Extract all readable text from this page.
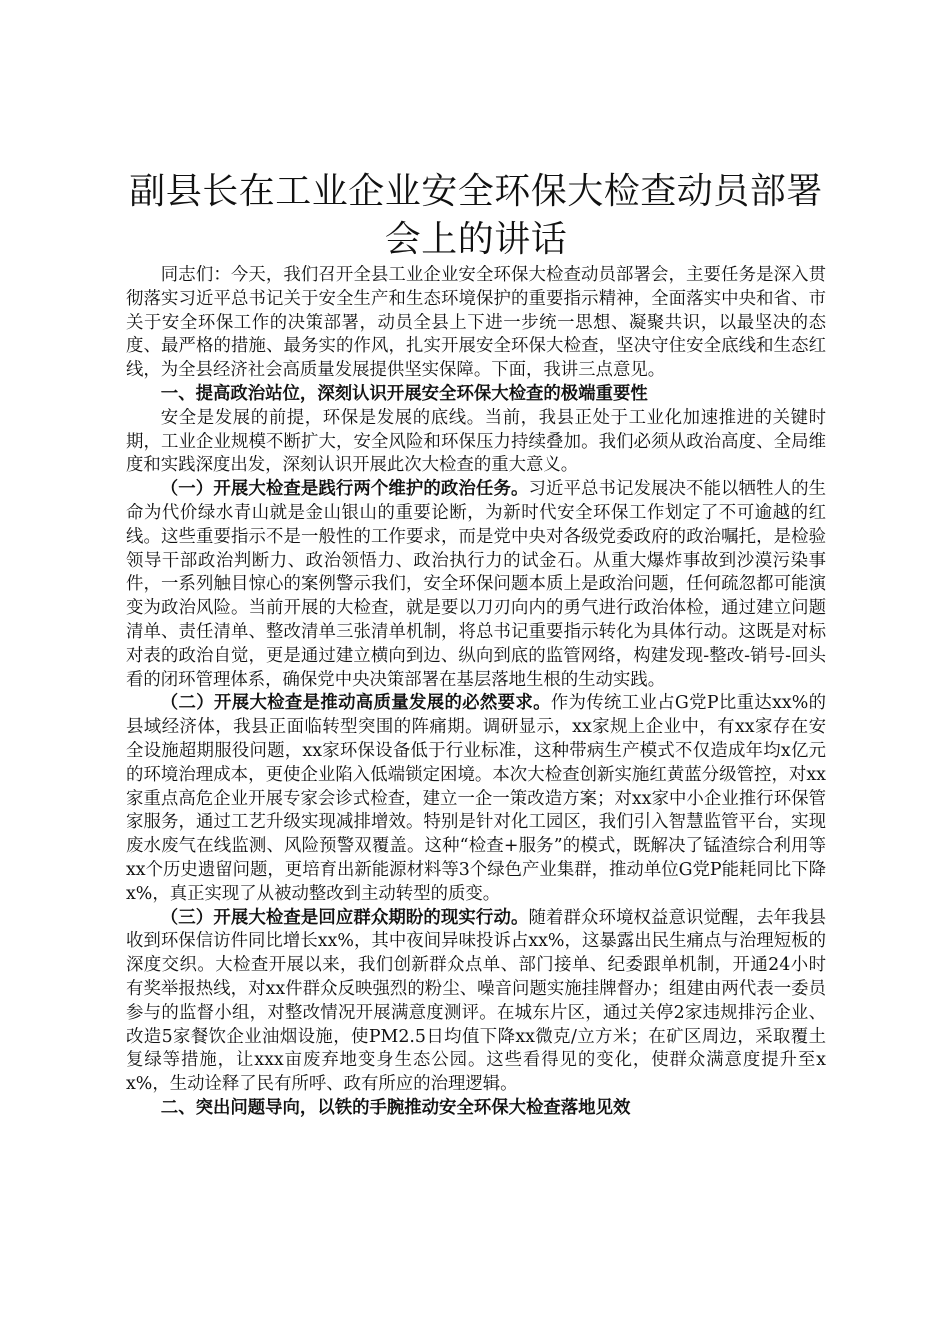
副县长在工业企业安全环保大检查动员部署会上的讲话

同志们：今天，我们召开全县工业企业安全环保大检查动员部署会，主要任务是深入贯彻落实习近平总书记关于安全生产和生态环境保护的重要指示精神，全面落实中央和省、市关于安全环保工作的决策部署，动员全县上下进一步统一思想、凝聚共识，以最坚决的态度、最严格的措施、最务实的作风，扎实开展安全环保大检查，坚决守住安全底线和生态红线，为全县经济社会高质量发展提供坚实保障。下面，我讲三点意见。

一、提高政治站位，深刻认识开展安全环保大检查的极端重要性

安全是发展的前提，环保是发展的底线。当前，我县正处于工业化加速推进的关键时期，工业企业规模不断扩大，安全风险和环保压力持续叠加。我们必须从政治高度、全局维度和实践深度出发，深刻认识开展此次大检查的重大意义。

（一）开展大检查是践行两个维护的政治任务。习近平总书记发展决不能以牺牲人的生命为代价绿水青山就是金山银山的重要论断，为新时代安全环保工作划定了不可逾越的红线。这些重要指示不是一般性的工作要求，而是党中央对各级党委政府的政治嘱托，是检验领导干部政治判断力、政治领悟力、政治执行力的试金石。从重大爆炸事故到沙漠污染事件，一系列触目惊心的案例警示我们，安全环保问题本质上是政治问题，任何疏忽都可能演变为政治风险。当前开展的大检查，就是要以刀刃向内的勇气进行政治体检，通过建立问题清单、责任清单、整改清单三张清单机制，将总书记重要指示转化为具体行动。这既是对标对表的政治自觉，更是通过建立横向到边、纵向到底的监管网络，构建发现-整改-销号-回头看的闭环管理体系，确保党中央决策部署在基层落地生根的生动实践。

（二）开展大检查是推动高质量发展的必然要求。作为传统工业占G党P比重达xx%的县域经济体，我县正面临转型突围的阵痛期。调研显示，xx家规上企业中，有xx家存在安全设施超期服役问题，xx家环保设备低于行业标准，这种带病生产模式不仅造成年均x亿元的环境治理成本，更使企业陷入低端锁定困境。本次大检查创新实施红黄蓝分级管控，对xx家重点高危企业开展专家会诊式检查，建立一企一策改造方案；对xx家中小企业推行环保管家服务，通过工艺升级实现减排增效。特别是针对化工园区，我们引入智慧监管平台，实现废水废气在线监测、风险预警双覆盖。这种“检查+服务”的模式，既解决了锰渣综合利用等xx个历史遗留问题，更培育出新能源材料等3个绿色产业集群，推动单位G党P能耗同比下降x%，真正实现了从被动整改到主动转型的质变。

（三）开展大检查是回应群众期盼的现实行动。随着群众环境权益意识觉醒，去年我县收到环保信访件同比增长xx%，其中夜间异味投诉占xx%，这暴露出民生痛点与治理短板的深度交织。大检查开展以来，我们创新群众点单、部门接单、纪委跟单机制，开通24小时有奖举报热线，对xx件群众反映强烈的粉尘、噪音问题实施挂牌督办；组建由两代表一委员参与的监督小组，对整改情况开展满意度测评。在城东片区，通过关停2家违规排污企业、改造5家餐饮企业油烟设施，使PM2.5日均值下降xx微克/立方米；在矿区周边，采取覆土复绿等措施，让xxx亩废弃地变身生态公园。这些看得见的变化，使群众满意度提升至xx%，生动诠释了民有所呼、政有所应的治理逻辑。

二、突出问题导向，以铁的手腕推动安全环保大检查落地见效
